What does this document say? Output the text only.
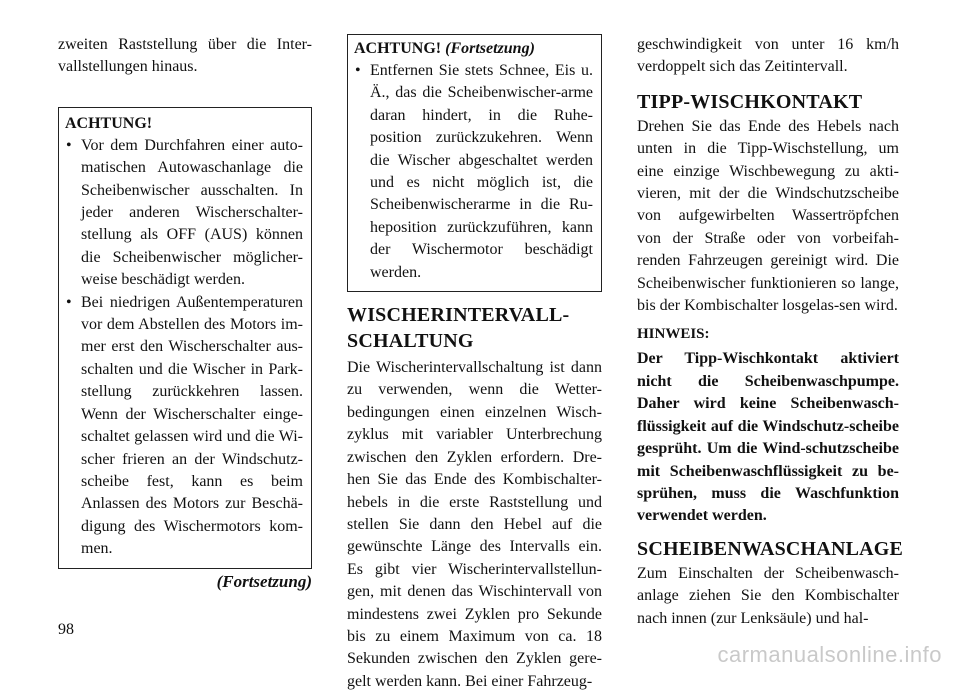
zweiten Raststellung über die Inter-vallstellungen hinaus.

ACHTUNG!
• Vor dem Durchfahren einer auto-matischen Autowaschanlage die Scheibenwischer ausschalten. In jeder anderen Wischerschalter-stellung als OFF (AUS) können die Scheibenwischer möglicher-weise beschädigt werden.
• Bei niedrigen Außentemperaturen vor dem Abstellen des Motors im-mer erst den Wischerschalter aus-schalten und die Wischer in Park-stellung zurückkehren lassen. Wenn der Wischerschalter einge-schaltet gelassen wird und die Wi-scher frieren an der Windschutz-scheibe fest, kann es beim Anlassen des Motors zur Beschä-digung des Wischermotors kom-men.
(Fortsetzung)
ACHTUNG! (Fortsetzung)
• Entfernen Sie stets Schnee, Eis u. Ä., das die Scheibenwischer-arme daran hindert, in die Ruhe-position zurückzukehren. Wenn die Wischer abgeschaltet werden und es nicht möglich ist, die Scheibenwischerarme in die Ru-heposition zurückzuführen, kann der Wischermotor beschädigt werden.
WISCHERINTERVALL-
SCHALTUNG

Die Wischerintervallschaltung ist dann zu verwenden, wenn die Wetter-bedingungen einen einzelnen Wisch-zyklus mit variabler Unterbrechung zwischen den Zyklen erfordern. Dre-hen Sie das Ende des Kombischalter-hebels in die erste Raststellung und stellen Sie dann den Hebel auf die gewünschte Länge des Intervalls ein. Es gibt vier Wischerintervallstellun-gen, mit denen das Wischintervall von mindestens zwei Zyklen pro Sekunde bis zu einem Maximum von ca. 18 Sekunden zwischen den Zyklen gere-gelt werden kann. Bei einer Fahrzeug-

geschwindigkeit von unter 16 km/h verdoppelt sich das Zeitintervall.

TIPP-WISCHKONTAKT

Drehen Sie das Ende des Hebels nach unten in die Tipp-Wischstellung, um eine einzige Wischbewegung zu akti-vieren, mit der die Windschutzscheibe von aufgewirbelten Wassertröpfchen von der Straße oder von vorbeifah-renden Fahrzeugen gereinigt wird. Die Scheibenwischer funktionieren so lange, bis der Kombischalter losgelas-sen wird.

HINWEIS:

Der Tipp-Wischkontakt aktiviert nicht die Scheibenwaschpumpe. Daher wird keine Scheibenwasch-flüssigkeit auf die Windschutz-scheibe gesprüht. Um die Wind-schutzscheibe mit Scheibenwaschflüssigkeit zu be-sprühen, muss die Waschfunktion verwendet werden.

SCHEIBENWASCHANLAGE

Zum Einschalten der Scheibenwasch-anlage ziehen Sie den Kombischalter nach innen (zur Lenksäule) und hal-

98
carmanualsonline.info
